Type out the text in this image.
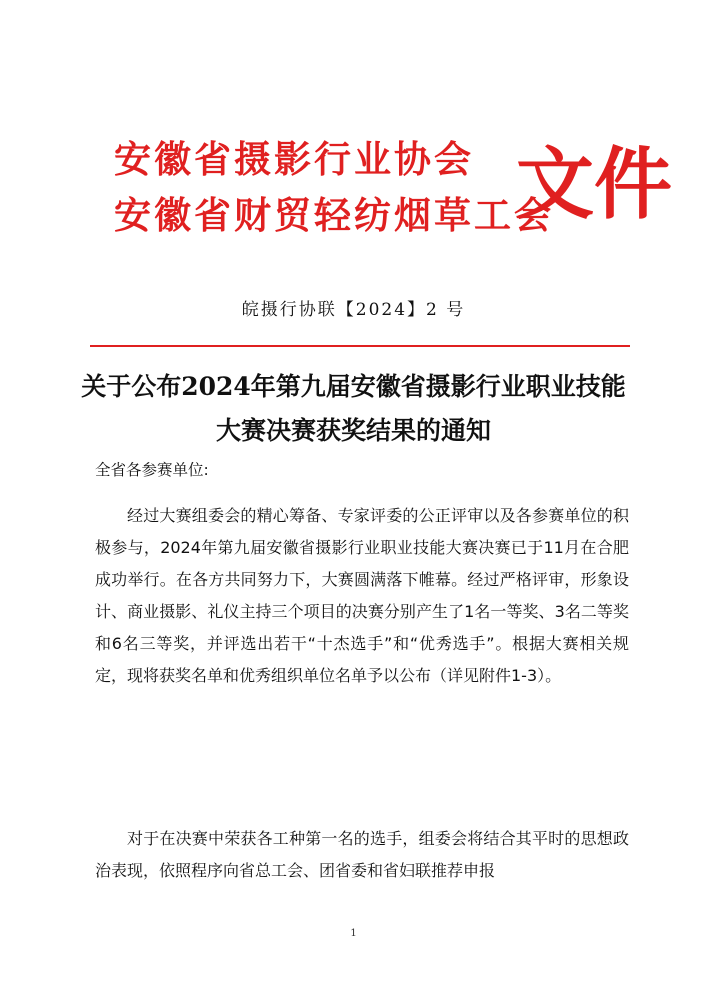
安徽省摄影行业协会
安徽省财贸轻纺烟草工会
文件
皖摄行协联【2024】2 号
关于公布2024年第九届安徽省摄影行业职业技能
大赛决赛获奖结果的通知
全省各参赛单位:
经过大赛组委会的精心筹备、专家评委的公正评审以及各参赛单位的积极参与，2024年第九届安徽省摄影行业职业技能大赛决赛已于11月在合肥成功举行。在各方共同努力下，大赛圆满落下帷幕。经过严格评审，形象设计、商业摄影、礼仪主持三个项目的决赛分别产生了1名一等奖、3名二等奖和6名三等奖，并评选出若干“十杰选手”和“优秀选手”。根据大赛相关规定，现将获奖名单和优秀组织单位名单予以公布（详见附件1-3）。
对于在决赛中荣获各工种第一名的选手，组委会将结合其平时的思想政治表现，依照程序向省总工会、团省委和省妇联推荐申报
1
